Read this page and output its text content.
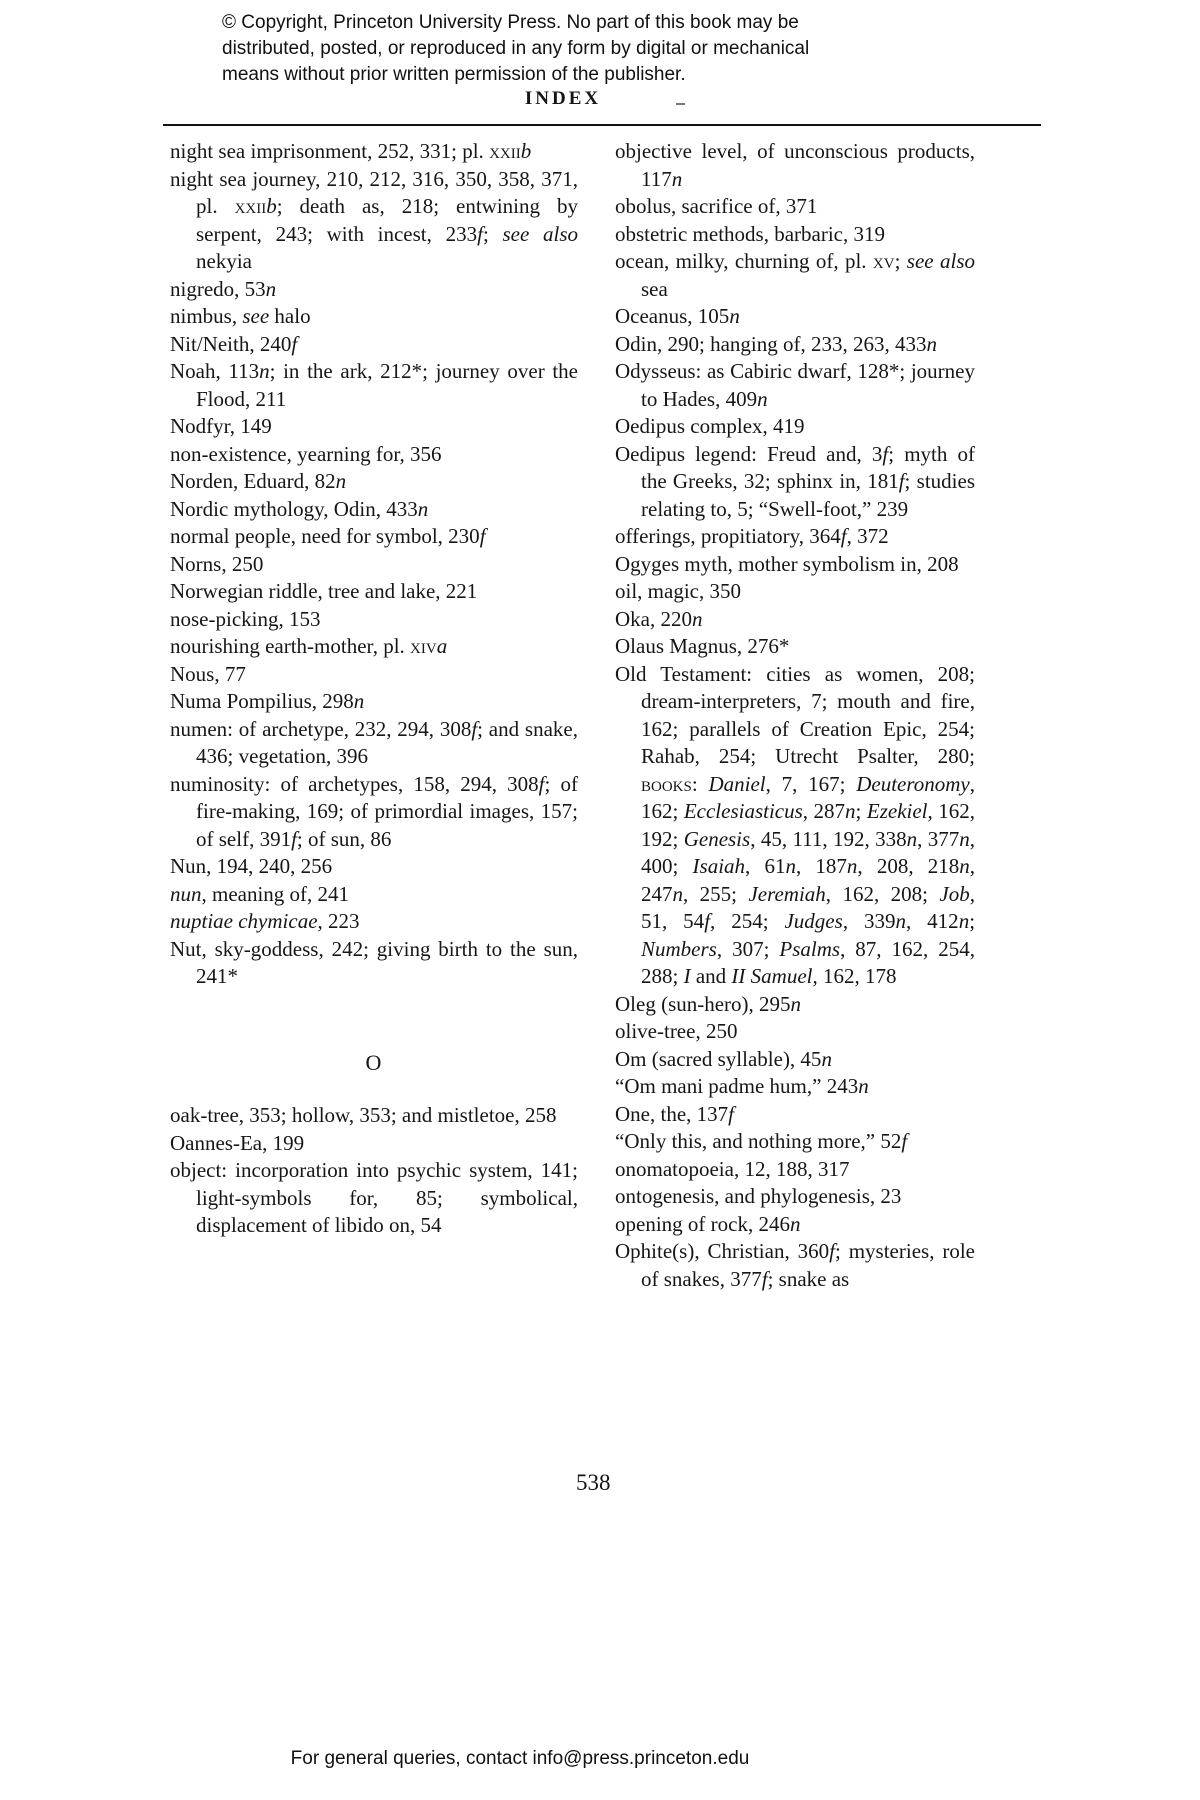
© Copyright, Princeton University Press. No part of this book may be distributed, posted, or reproduced in any form by digital or mechanical means without prior written permission of the publisher.
INDEX

night sea imprisonment, 252, 331; pl. xxiib

night sea journey, 210, 212, 316, 350, 358, 371, pl. xxiib; death as, 218; entwining by serpent, 243; with incest, 233f; see also nekyia

nigredo, 53n

nimbus, see halo

Nit/Neith, 240f

Noah, 113n; in the ark, 212*; journey over the Flood, 211

Nodfyr, 149

non-existence, yearning for, 356

Norden, Eduard, 82n

Nordic mythology, Odin, 433n

normal people, need for symbol, 230f

Norns, 250

Norwegian riddle, tree and lake, 221

nose-picking, 153

nourishing earth-mother, pl. xiva

Nous, 77

Numa Pompilius, 298n

numen: of archetype, 232, 294, 308f; and snake, 436; vegetation, 396

numinosity: of archetypes, 158, 294, 308f; of fire-making, 169; of primordial images, 157; of self, 391f; of sun, 86

Nun, 194, 240, 256

nun, meaning of, 241

nuptiae chymicae, 223

Nut, sky-goddess, 242; giving birth to the sun, 241*

O

oak-tree, 353; hollow, 353; and mistletoe, 258

Oannes-Ea, 199

object: incorporation into psychic system, 141; light-symbols for, 85; symbolical, displacement of libido on, 54

objective level, of unconscious products, 117n

obolus, sacrifice of, 371

obstetric methods, barbaric, 319

ocean, milky, churning of, pl. xv; see also sea

Oceanus, 105n

Odin, 290; hanging of, 233, 263, 433n

Odysseus: as Cabiric dwarf, 128*; journey to Hades, 409n

Oedipus complex, 419

Oedipus legend: Freud and, 3f; myth of the Greeks, 32; sphinx in, 181f; studies relating to, 5; “Swell-foot,” 239

offerings, propitiatory, 364f, 372

Ogyges myth, mother symbolism in, 208

oil, magic, 350

Oka, 220n

Olaus Magnus, 276*

Old Testament: cities as women, 208; dream-interpreters, 7; mouth and fire, 162; parallels of Creation Epic, 254; Rahab, 254; Utrecht Psalter, 280; books: Daniel, 7, 167; Deuteronomy, 162; Ecclesiasticus, 287n; Ezekiel, 162, 192; Genesis, 45, 111, 192, 338n, 377n, 400; Isaiah, 61n, 187n, 208, 218n, 247n, 255; Jeremiah, 162, 208; Job, 51, 54f, 254; Judges, 339n, 412n; Numbers, 307; Psalms, 87, 162, 254, 288; I and II Samuel, 162, 178

Oleg (sun-hero), 295n

olive-tree, 250

Om (sacred syllable), 45n

“Om mani padme hum,” 243n

One, the, 137f

“Only this, and nothing more,” 52f

onomatopoeia, 12, 188, 317

ontogenesis, and phylogenesis, 23

opening of rock, 246n

Ophite(s), Christian, 360f; mysteries, role of snakes, 377f; snake as

538
For general queries, contact info@press.princeton.edu
